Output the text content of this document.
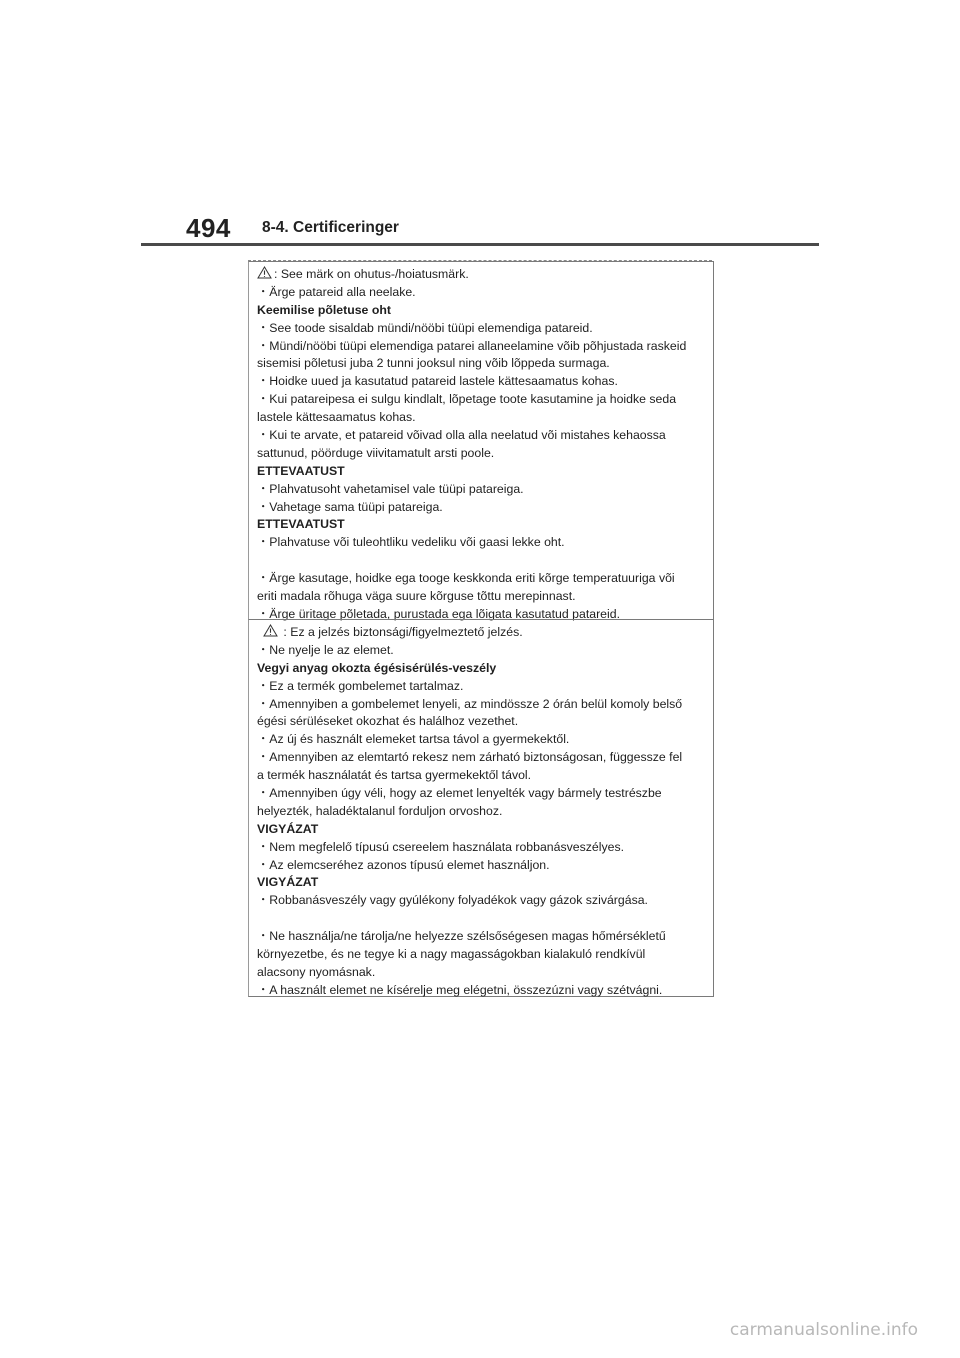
494 8-4. Certificeringer
: See märk on ohutus-/hoiatusmärk.
・Ärge patareid alla neelake.
Keemilise põletuse oht
・See toode sisaldab mündi/nööbi tüüpi elemendiga patareid.
・Mündi/nööbi tüüpi elemendiga patarei allaneelamine võib põhjustada raskeid
sisemisi põletusi juba 2 tunni jooksul ning võib lõppeda surmaga.
・Hoidke uued ja kasutatud patareid lastele kättesaamatus kohas.
・Kui patareipesa ei sulgu kindlalt, lõpetage toote kasutamine ja hoidke seda
lastele kättesaamatus kohas.
・Kui te arvate, et patareid võivad olla alla neelatud või mistahes kehaossa
sattunud, pöörduge viivitamatult arsti poole.
ETTEVAATUST
・Plahvatusoht vahetamisel vale tüüpi patareiga.
・Vahetage sama tüüpi patareiga.
ETTEVAATUST
・Plahvatuse või tuleohtliku vedeliku või gaasi lekke oht.
・Ärge kasutage, hoidke ega tooge keskkonda eriti kõrge temperatuuriga või
eriti madala rõhuga väga suure kõrguse tõttu merepinnast.
・Ärge üritage põletada, purustada ega lõigata kasutatud patareid.
: Ez a jelzés biztonsági/figyelmeztető jelzés.
・Ne nyelje le az elemet.
Vegyi anyag okozta égésisérülés-veszély
・Ez a termék gombelemet tartalmaz.
・Amennyiben a gombelemet lenyeli, az mindössze 2 órán belül komoly belső
égési sérüléseket okozhat és halálhoz vezethet.
・Az új és használt elemeket tartsa távol a gyermekektől.
・Amennyiben az elemtartó rekesz nem zárható biztonságosan, függessze fel
a termék használatát és tartsa gyermekektől távol.
・Amennyiben úgy véli, hogy az elemet lenyelték vagy bármely testrészbe
helyezték, haladéktalanul forduljon orvoshoz.
VIGYÁZAT
・Nem megfelelő típusú csereelem használata robbanásveszélyes.
・Az elemcseréhez azonos típusú elemet használjon.
VIGYÁZAT
・Robbanásveszély vagy gyúlékony folyadékok vagy gázok szivárgása.
・Ne használja/ne tárolja/ne helyezze szélsőségesen magas hőmérsékletű
környezetbe, és ne tegye ki a nagy magasságokban kialakuló rendkívül
alacsony nyomásnak.
・A használt elemet ne kísérelje meg elégetni, összezúzni vagy szétvágni.
carmanualsonline.info
